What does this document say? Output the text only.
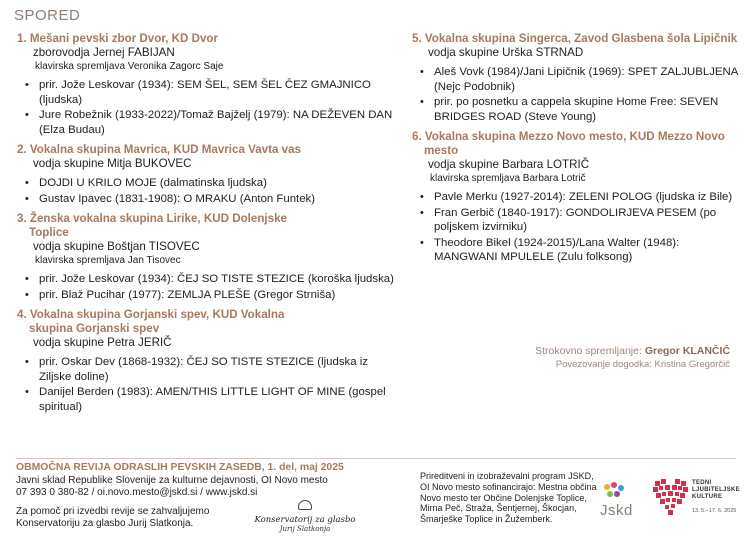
SPORED
1. Mešani pevski zbor Dvor, KD Dvor
zborovodja Jernej FABIJAN
klavirska spremljava Veronika Zagorc Saje
• prir. Jože Leskovar (1934): SEM ŠEL, SEM ŠEL ČEZ GMAJNICO (ljudska)
• Jure Robežnik (1933-2022)/Tomaž Bajželj (1979): NA DEŽEVEN DAN (Elza Budau)
2. Vokalna skupina Mavrica, KUD Mavrica Vavta vas
vodja skupine Mitja BUKOVEC
• DOJDI U KRILO MOJE (dalmatinska ljudska)
• Gustav Ipavec (1831-1908): O MRAKU (Anton Funtek)
3. Ženska vokalna skupina Lirike, KUD Dolenjske Toplice
vodja skupine Boštjan TISOVEC
klavirska spremljava Jan Tisovec
• prir. Jože Leskovar (1934): ČEJ SO TISTE STEZICE (koroška ljudska)
• prir. Blaž Pucihar (1977): ZEMLJA PLEŠE (Gregor Strniša)
4. Vokalna skupina Gorjanski spev, KUD Vokalna skupina Gorjanski spev
vodja skupine Petra JERIČ
• prir. Oskar Dev (1868-1932): ČEJ SO TISTE STEZICE (ljudska iz Ziljske doline)
• Danijel Berden (1983): AMEN/THIS LITTLE LIGHT OF MINE (gospel spiritual)
5. Vokalna skupina Singerca, Zavod Glasbena šola Lipičnik
vodja skupine Urška STRNAD
• Aleš Vovk (1984)/Jani Lipičnik (1969): SPET ZALJUBLJENA (Nejc Podobnik)
• prir. po posnetku a cappela skupine Home Free: SEVEN BRIDGES ROAD (Steve Young)
6. Vokalna skupina Mezzo Novo mesto, KUD Mezzo Novo mesto
vodja skupine Barbara LOTRIČ
klavirska spremljava Barbara Lotrič
• Pavle Merku (1927-2014): ZELENI POLOG (ljudska iz Bile)
• Fran Gerbič (1840-1917): GONDOLIRJEVA PESEM (po poljskem izvirniku)
• Theodore Bikel (1924-2015)/Lana Walter (1948): MANGWANI MPULELE (Zulu folksong)
Strokovno spremljanje: Gregor KLANČIČ
Povezovanje dogodka: Kristina Gregorčič
OBMOČNA REVIJA ODRASLIH PEVSKIH ZASEDB, 1. del, maj 2025
Javni sklad Republike Slovenije za kulturne dejavnosti, OI Novo mesto
07 393 0 380-82 / oi.novo.mesto@jskd.si / www.jskd.si
Za pomoč pri izvedbi revije se zahvaljujemo Konservatoriju za glasbo Jurij Slatkonja.	Konservatorij za glasbo
Jurij Slatkonja
Prireditveni in izobraževalni program JSKD, OI Novo mesto sofinancirajo: Mestna občina Novo mesto ter Občine Dolenjske Toplice, Mirna Peč, Straža, Šentjernej, Škocjan, Šmarješke Toplice in Žužemberk.
Jskd
TEDNI
LJUBITELJSKE
KULTURE
13. 5.–17. 6. 2025
